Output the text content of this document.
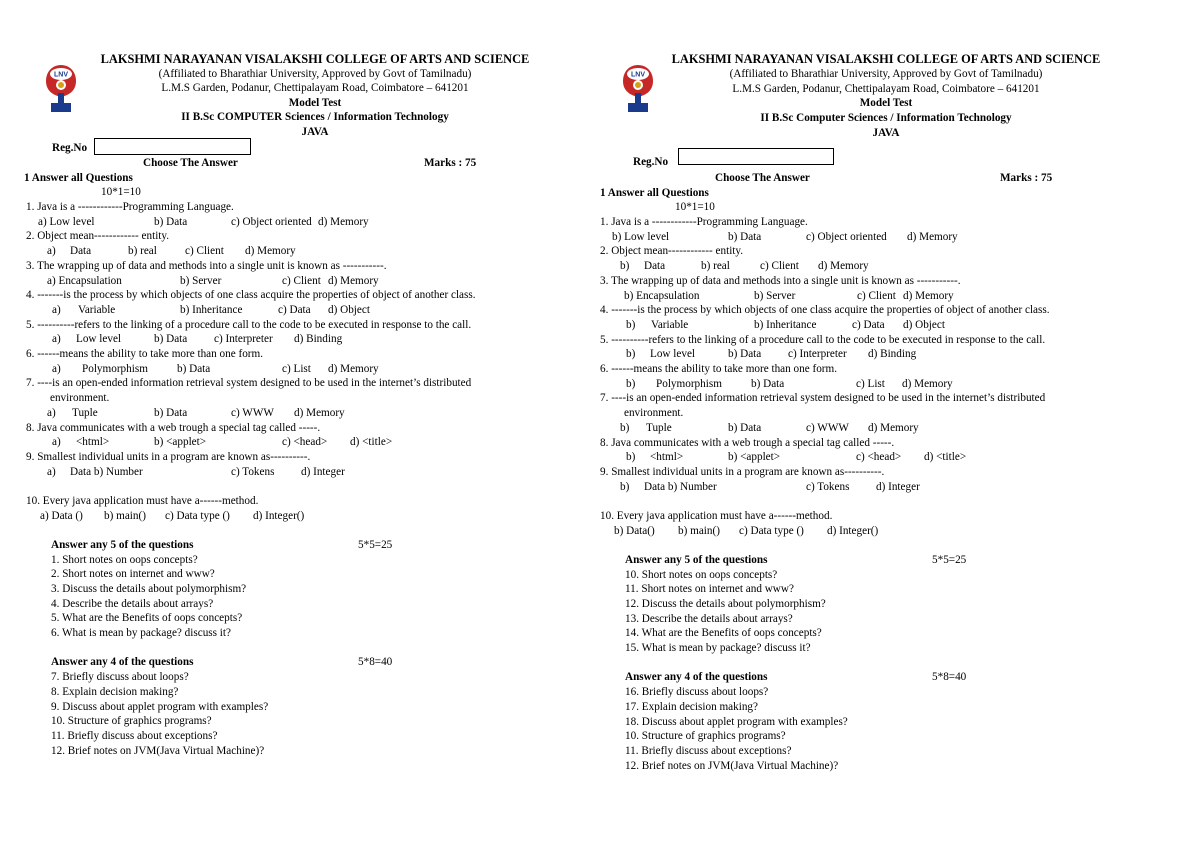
LNV
LAKSHMI NARAYANAN VISALAKSHI COLLEGE OF ARTS AND SCIENCE
(Affiliated to Bharathiar University, Approved by Govt of Tamilnadu)
L.M.S Garden, Podanur, Chettipalayam Road, Coimbatore – 641201
Model Test
II B.Sc COMPUTER Sciences / Information Technology
JAVA
Reg.No
Choose The Answer	Marks : 75
1 Answer all Questions
10*1=10
1. Java is a ------------Programming Language.
a) Low level	b) Data	c) Object oriented d) Memory
2. Object mean------------ entity.
a) Data	b) real	c) Client d) Memory
3. The wrapping up of data and methods into a single unit is known as -----------.
a) Encapsulation	b) Server	c) Client d) Memory
4. -------is the process by which objects of one class acquire the properties of object of another class.
a) Variable	b) Inheritance	c) Data d) Object
5. ----------refers to the linking of a procedure call to the code to be executed in response to the call.
a) Low level	b) Data c) Interpreter d) Binding
6. ------means the ability to take more than one form.
a) Polymorphism	b) Data	c) List d) Memory
7. ----is an open-ended information retrieval system designed to be used in the internet’s distributed
environment.
a) Tuple	b) Data	c) WWW d) Memory
8. Java communicates with a web trough a special tag called -----.
a) <html>	b) <applet>	c) <head> d) <title>
9. Smallest individual units in a program are known as----------.
a) Data b) Number	c) Tokens d) Integer
10. Every java application must have a------method.
a) Data () b) main() c) Data type () d) Integer()
Answer any 5 of the questions	5*5=25
1. Short notes on oops concepts?
2. Short notes on internet and www?
3. Discuss the details about polymorphism?
4. Describe the details about arrays?
5. What are the Benefits of oops concepts?
6. What is mean by package? discuss it?
Answer any 4 of the questions	5*8=40
7. Briefly discuss about loops?
8. Explain decision making?
9. Discuss about applet program with examples?
10. Structure of graphics programs?
11. Briefly discuss about exceptions?
12. Brief notes on JVM(Java Virtual Machine)?
LNV
LAKSHMI NARAYANAN VISALAKSHI COLLEGE OF ARTS AND SCIENCE
(Affiliated to Bharathiar University, Approved by Govt of Tamilnadu)
L.M.S Garden, Podanur, Chettipalayam Road, Coimbatore – 641201
Model Test
II B.Sc Computer Sciences / Information Technology
JAVA
Reg.No
Choose The Answer	Marks : 75
1 Answer all Questions
10*1=10
1. Java is a ------------Programming Language.
b) Low level	b) Data	c) Object oriented d) Memory
2. Object mean------------ entity.
b) Data	b) real	c) Client d) Memory
3. The wrapping up of data and methods into a single unit is known as -----------.
b) Encapsulation	b) Server	c) Client d) Memory
4. -------is the process by which objects of one class acquire the properties of object of another class.
b) Variable	b) Inheritance	c) Data d) Object
5. ----------refers to the linking of a procedure call to the code to be executed in response to the call.
b) Low level	b) Data c) Interpreter d) Binding
6. ------means the ability to take more than one form.
b) Polymorphism	b) Data	c) List d) Memory
7. ----is an open-ended information retrieval system designed to be used in the internet’s distributed
environment.
b) Tuple	b) Data	c) WWW d) Memory
8. Java communicates with a web trough a special tag called -----.
b) <html>	b) <applet>	c) <head> d) <title>
9. Smallest individual units in a program are known as----------.
b) Data b) Number	c) Tokens d) Integer
10. Every java application must have a------method.
b) Data() b) main() c) Data type () d) Integer()
Answer any 5 of the questions	5*5=25
10. Short notes on oops concepts?
11. Short notes on internet and www?
12. Discuss the details about polymorphism?
13. Describe the details about arrays?
14. What are the Benefits of oops concepts?
15. What is mean by package? discuss it?
Answer any 4 of the questions	5*8=40
16. Briefly discuss about loops?
17. Explain decision making?
18. Discuss about applet program with examples?
10. Structure of graphics programs?
11. Briefly discuss about exceptions?
12. Brief notes on JVM(Java Virtual Machine)?
